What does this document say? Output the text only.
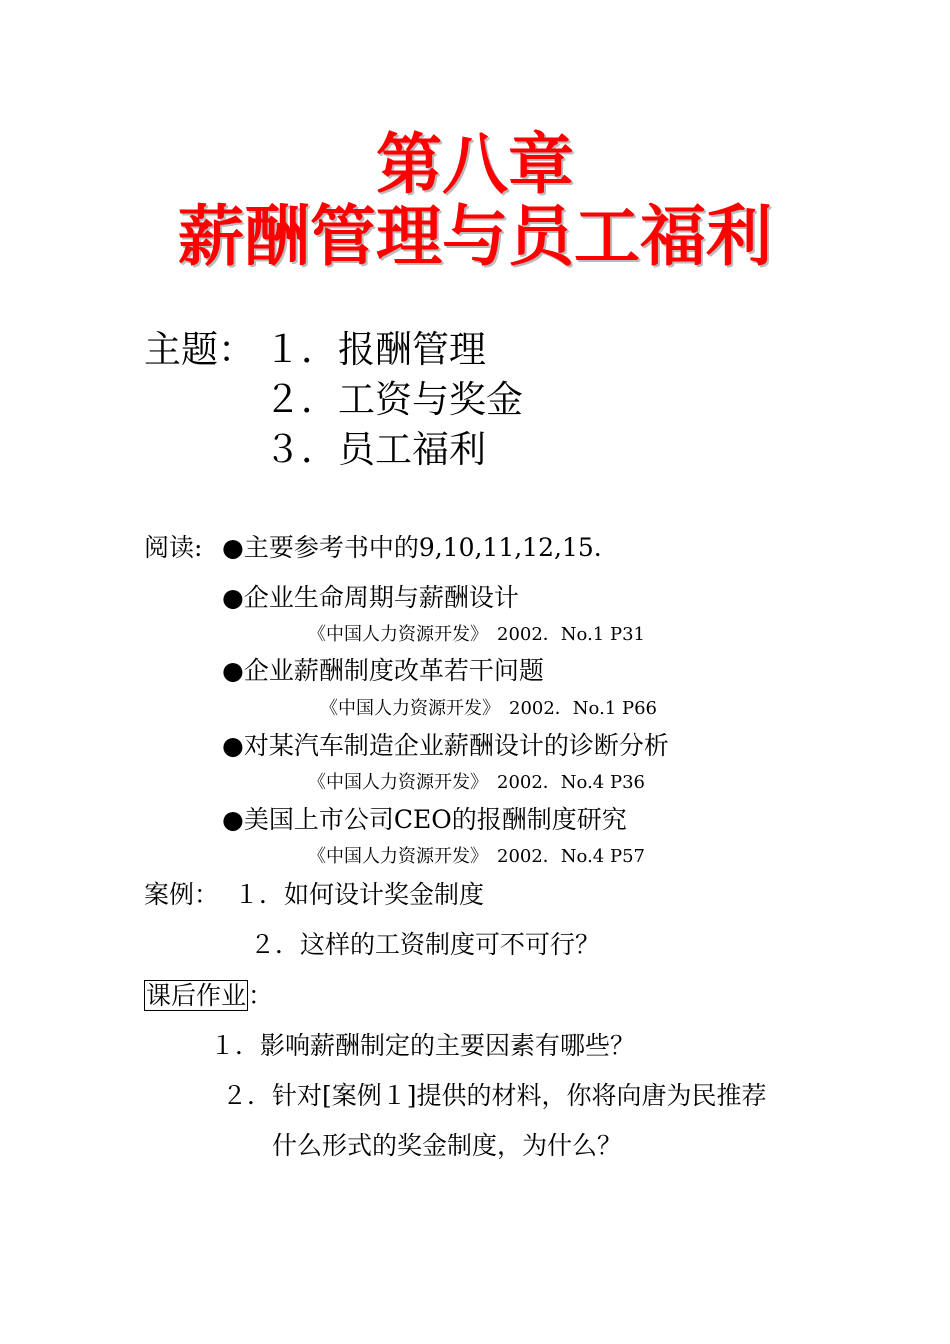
第八章
薪酬管理与员工福利
主题： １．报酬管理
２．工资与奖金
３．员工福利
阅读: ●主要参考书中的9,10,11,12,15.
●企业生命周期与薪酬设计
《中国人力资源开发》　2002．No.1 P31
●企业薪酬制度改革若干问题
《中国人力资源开发》　2002．No.1 P66
●对某汽车制造企业薪酬设计的诊断分析
《中国人力资源开发》　2002．No.4 P36
●美国上市公司CEO的报酬制度研究
《中国人力资源开发》　2002．No.4 P57
案例： １．如何设计奖金制度
２．这样的工资制度可不可行？
课后作业：
１．影响薪酬制定的主要因素有哪些？
２．针对[案例１]提供的材料，你将向唐为民推荐
什么形式的奖金制度，为什么？
